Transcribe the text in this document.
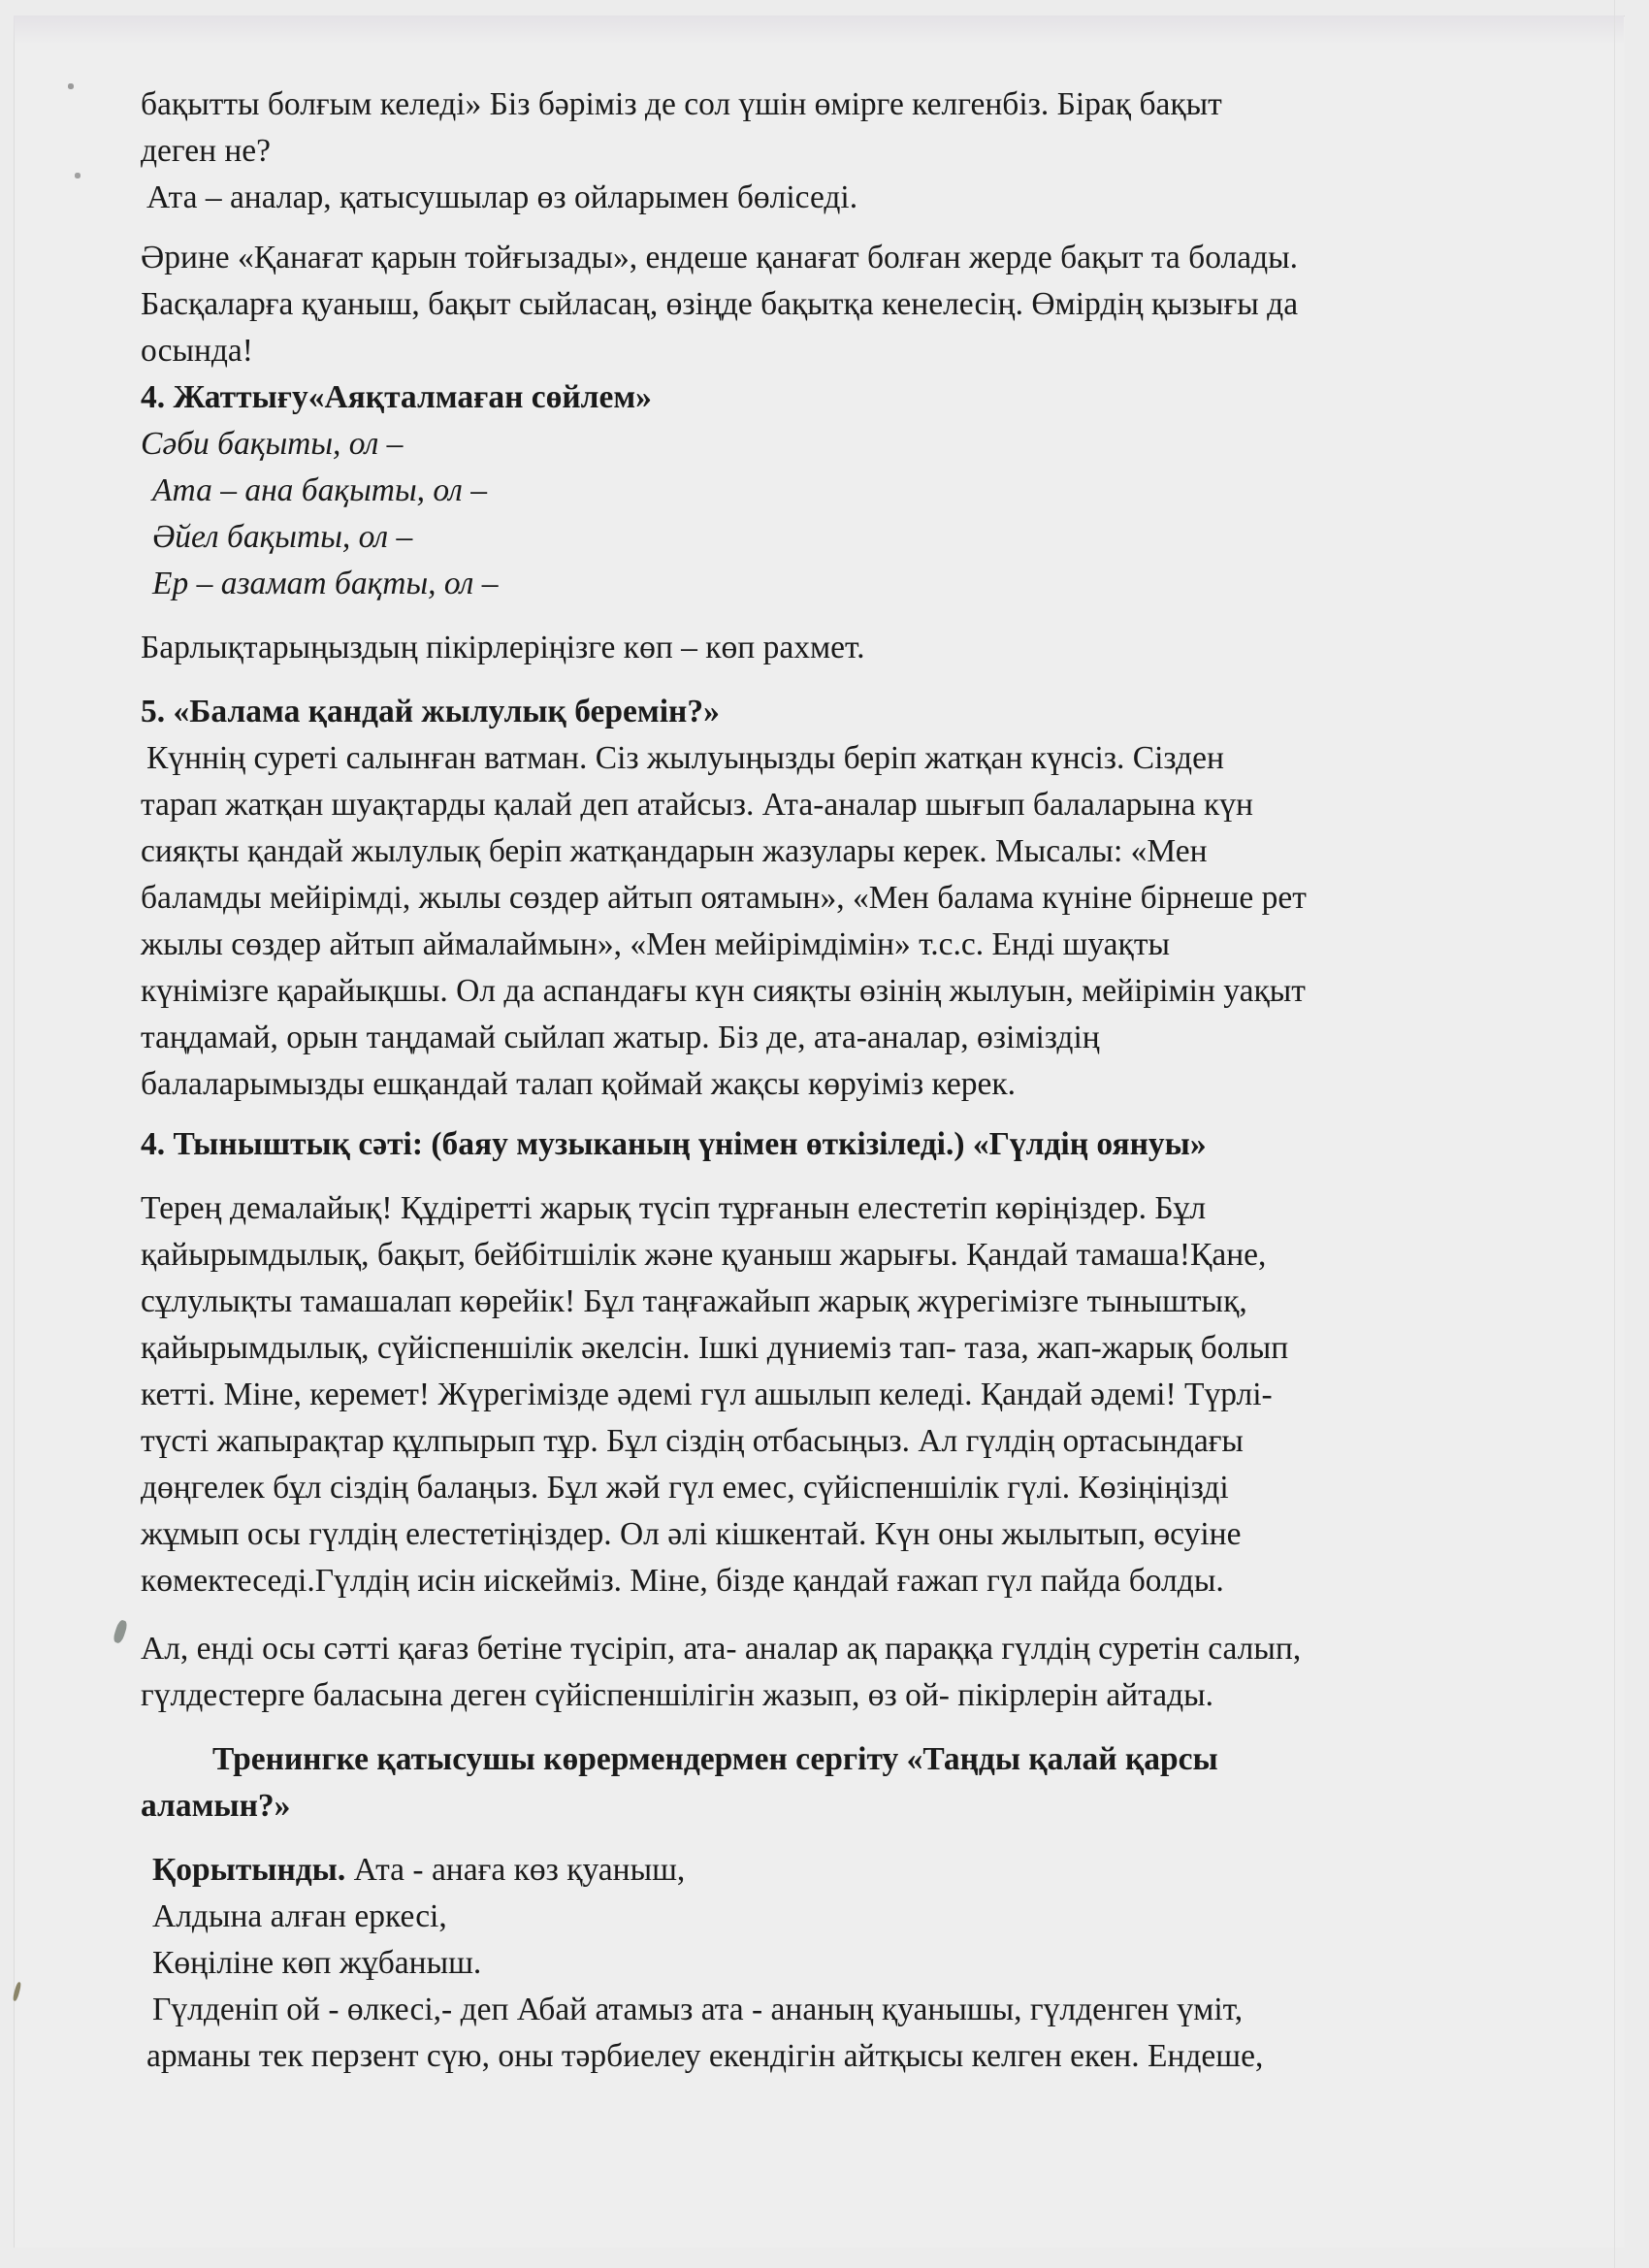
бақытты болғым келеді» Біз бәріміз де сол үшін өмірге келгенбіз. Бірақ бақыт
деген не?
Ата – аналар, қатысушылар өз ойларымен бөліседі.
Әрине «Қанағат қарын тойғызады», ендеше қанағат болған жерде бақыт та болады.
Басқаларға қуаныш, бақыт сыйласаң, өзіңде бақытқа кенелесің. Өмірдің қызығы да
осында!
4. Жаттығу«Аяқталмаған сөйлем»
Сәби бақыты, ол –
Ата – ана бақыты, ол –
Әйел бақыты, ол –
Ер – азамат бақты, ол –
Барлықтарыңыздың пікірлеріңізге көп – көп рахмет.
5. «Балама қандай жылулық беремін?»
Күннің суреті салынған ватман. Сіз жылуыңызды беріп жатқан күнсіз. Сізден
тарап жатқан шуақтарды қалай деп атайсыз. Ата-аналар шығып балаларына күн
сияқты қандай жылулық беріп жатқандарын жазулары керек. Мысалы: «Мен
баламды мейірімді, жылы сөздер айтып оятамын», «Мен балама күніне бірнеше рет
жылы сөздер айтып аймалаймын», «Мен мейірімдімін» т.с.с. Енді шуақты
күнімізге қарайықшы. Ол да аспандағы күн сияқты өзінің жылуын, мейірімін уақыт
таңдамай, орын таңдамай сыйлап жатыр. Біз де, ата-аналар, өзіміздің
балаларымызды ешқандай талап қоймай жақсы көруіміз керек.
4. Тыныштық сәті: (баяу музыканың үнімен өткізіледі.) «Гүлдің оянуы»
Терең демалайық! Құдіретті жарық түсіп тұрғанын елестетіп көріңіздер. Бұл
қайырымдылық, бақыт, бейбітшілік және қуаныш жарығы. Қандай тамаша!Қане,
сұлулықты тамашалап көрейік! Бұл таңғажайып жарық жүрегімізге тыныштық,
қайырымдылық, сүйіспеншілік әкелсін. Ішкі дүниеміз тап- таза, жап-жарық болып
кетті. Міне, керемет! Жүрегімізде әдемі гүл ашылып келеді. Қандай әдемі! Түрлі-
түсті жапырақтар құлпырып тұр. Бұл сіздің отбасыңыз. Ал гүлдің ортасындағы
дөңгелек бұл сіздің балаңыз. Бұл жәй гүл емес, сүйіспеншілік гүлі. Көзіңіңізді
жұмып осы гүлдің елестетіңіздер. Ол әлі кішкентай. Күн оны жылытып, өсуіне
көмектеседі.Гүлдің исін иіскейміз. Міне, бізде қандай ғажап гүл пайда болды.
Ал, енді осы сәтті қағаз бетіне түсіріп, ата- аналар ақ параққа гүлдің суретін салып,
гүлдестерге баласына деген сүйіспеншілігін жазып, өз ой- пікірлерін айтады.
Тренингке қатысушы көрермендермен сергіту «Таңды қалай қарсы
аламын?»
Қорытынды. Ата - анаға көз қуаныш,
Алдына алған еркесі,
Көңіліне көп жұбаныш.
Гүлденіп ой - өлкесі,- деп Абай атамыз ата - ананың қуанышы, гүлденген үміт,
арманы тек перзент сүю, оны тәрбиелеу екендігін айтқысы келген екен. Ендеше,
